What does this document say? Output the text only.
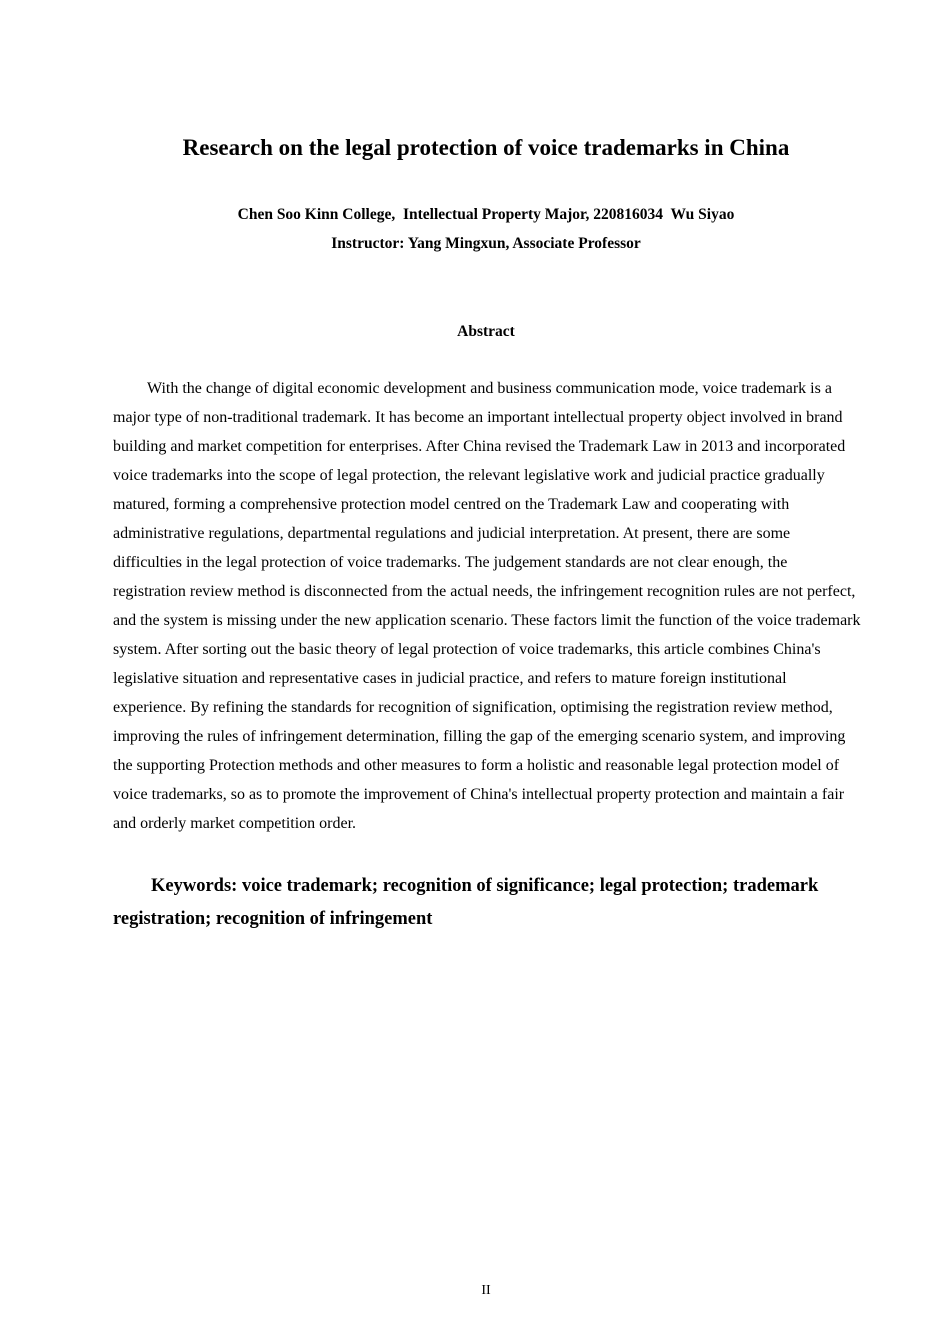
Research on the legal protection of voice trademarks in China
Chen Soo Kinn College,  Intellectual Property Major, 220816034  Wu Siyao
Instructor: Yang Mingxun, Associate Professor
Abstract

With the change of digital economic development and business communication mode, voice trademark is a major type of non-traditional trademark. It has become an important intellectual property object involved in brand building and market competition for enterprises. After China revised the Trademark Law in 2013 and incorporated voice trademarks into the scope of legal protection, the relevant legislative work and judicial practice gradually matured, forming a comprehensive protection model centred on the Trademark Law and cooperating with administrative regulations, departmental regulations and judicial interpretation. At present, there are some difficulties in the legal protection of voice trademarks. The judgement standards are not clear enough, the registration review method is disconnected from the actual needs, the infringement recognition rules are not perfect, and the system is missing under the new application scenario. These factors limit the function of the voice trademark system. After sorting out the basic theory of legal protection of voice trademarks, this article combines China's legislative situation and representative cases in judicial practice, and refers to mature foreign institutional experience. By refining the standards for recognition of signification, optimising the registration review method, improving the rules of infringement determination, filling the gap of the emerging scenario system, and improving the supporting Protection methods and other measures to form a holistic and reasonable legal protection model of voice trademarks, so as to promote the improvement of China's intellectual property protection and maintain a fair and orderly market competition order.

Keywords: voice trademark; recognition of significance; legal protection; trademark registration; recognition of infringement

II
